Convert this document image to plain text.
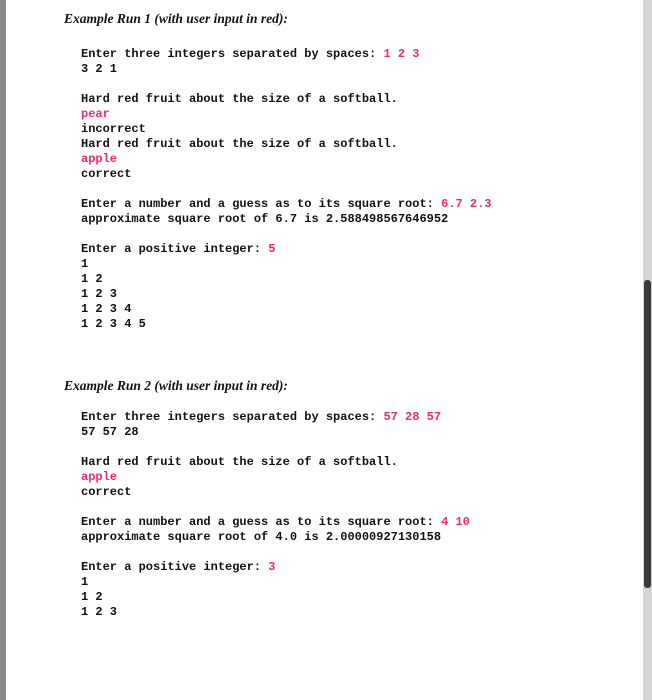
Example Run 1 (with user input in red):
Enter three integers separated by spaces: 1 2 3
3 2 1
Hard red fruit about the size of a softball.
pear
incorrect
Hard red fruit about the size of a softball.
apple
correct
Enter a number and a guess as to its square root: 6.7 2.3
approximate square root of 6.7 is 2.588498567646952
Enter a positive integer: 5
1
1 2
1 2 3
1 2 3 4
1 2 3 4 5
Example Run 2 (with user input in red):
Enter three integers separated by spaces: 57 28 57
57 57 28
Hard red fruit about the size of a softball.
apple
correct
Enter a number and a guess as to its square root: 4 10
approximate square root of 4.0 is 2.00000927130158
Enter a positive integer: 3
1
1 2
1 2 3
